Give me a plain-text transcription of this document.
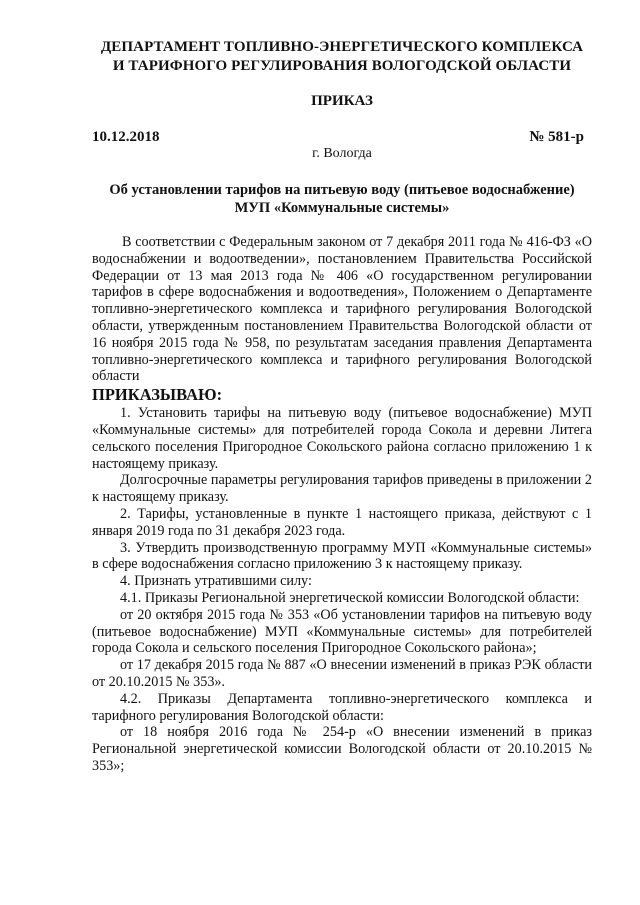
ДЕПАРТАМЕНТ ТОПЛИВНО-ЭНЕРГЕТИЧЕСКОГО КОМПЛЕКСА
И ТАРИФНОГО РЕГУЛИРОВАНИЯ ВОЛОГОДСКОЙ ОБЛАСТИ
ПРИКАЗ
10.12.2018	№ 581-р
г. Вологда
Об установлении тарифов на питьевую воду (питьевое водоснабжение)
МУП «Коммунальные системы»

В соответствии с Федеральным законом от 7 декабря 2011 года № 416-ФЗ «О водоснабжении и водоотведении», постановлением Правительства Российской Федерации от 13 мая 2013 года № 406 «О государственном регулировании тарифов в сфере водоснабжения и водоотведения», Положением о Департаменте топливно-энергетического комплекса и тарифного регулирования Вологодской области, утвержденным постановлением Правительства Вологодской области от 16 ноября 2015 года № 958, по результатам заседания правления Департамента топливно-энергетического комплекса и тарифного регулирования Вологодской области

ПРИКАЗЫВАЮ:

1. Установить тарифы на питьевую воду (питьевое водоснабжение) МУП «Коммунальные системы» для потребителей города Сокола и деревни Литега сельского поселения Пригородное Сокольского района согласно приложению 1 к настоящему приказу.

Долгосрочные параметры регулирования тарифов приведены в приложении 2 к настоящему приказу.

2. Тарифы, установленные в пункте 1 настоящего приказа, действуют с 1 января 2019 года по 31 декабря 2023 года.

3. Утвердить производственную программу МУП «Коммунальные системы» в сфере водоснабжения согласно приложению 3 к настоящему приказу.

4. Признать утратившими силу:

4.1. Приказы Региональной энергетической комиссии Вологодской области:

от 20 октября 2015 года № 353 «Об установлении тарифов на питьевую воду (питьевое водоснабжение) МУП «Коммунальные системы» для потребителей города Сокола и сельского поселения Пригородное Сокольского района»;

от 17 декабря 2015 года № 887 «О внесении изменений в приказ РЭК области от 20.10.2015 № 353».

4.2. Приказы Департамента топливно-энергетического комплекса и тарифного регулирования Вологодской области:

от 18 ноября 2016 года № 254-р «О внесении изменений в приказ Региональной энергетической комиссии Вологодской области от 20.10.2015 № 353»;
